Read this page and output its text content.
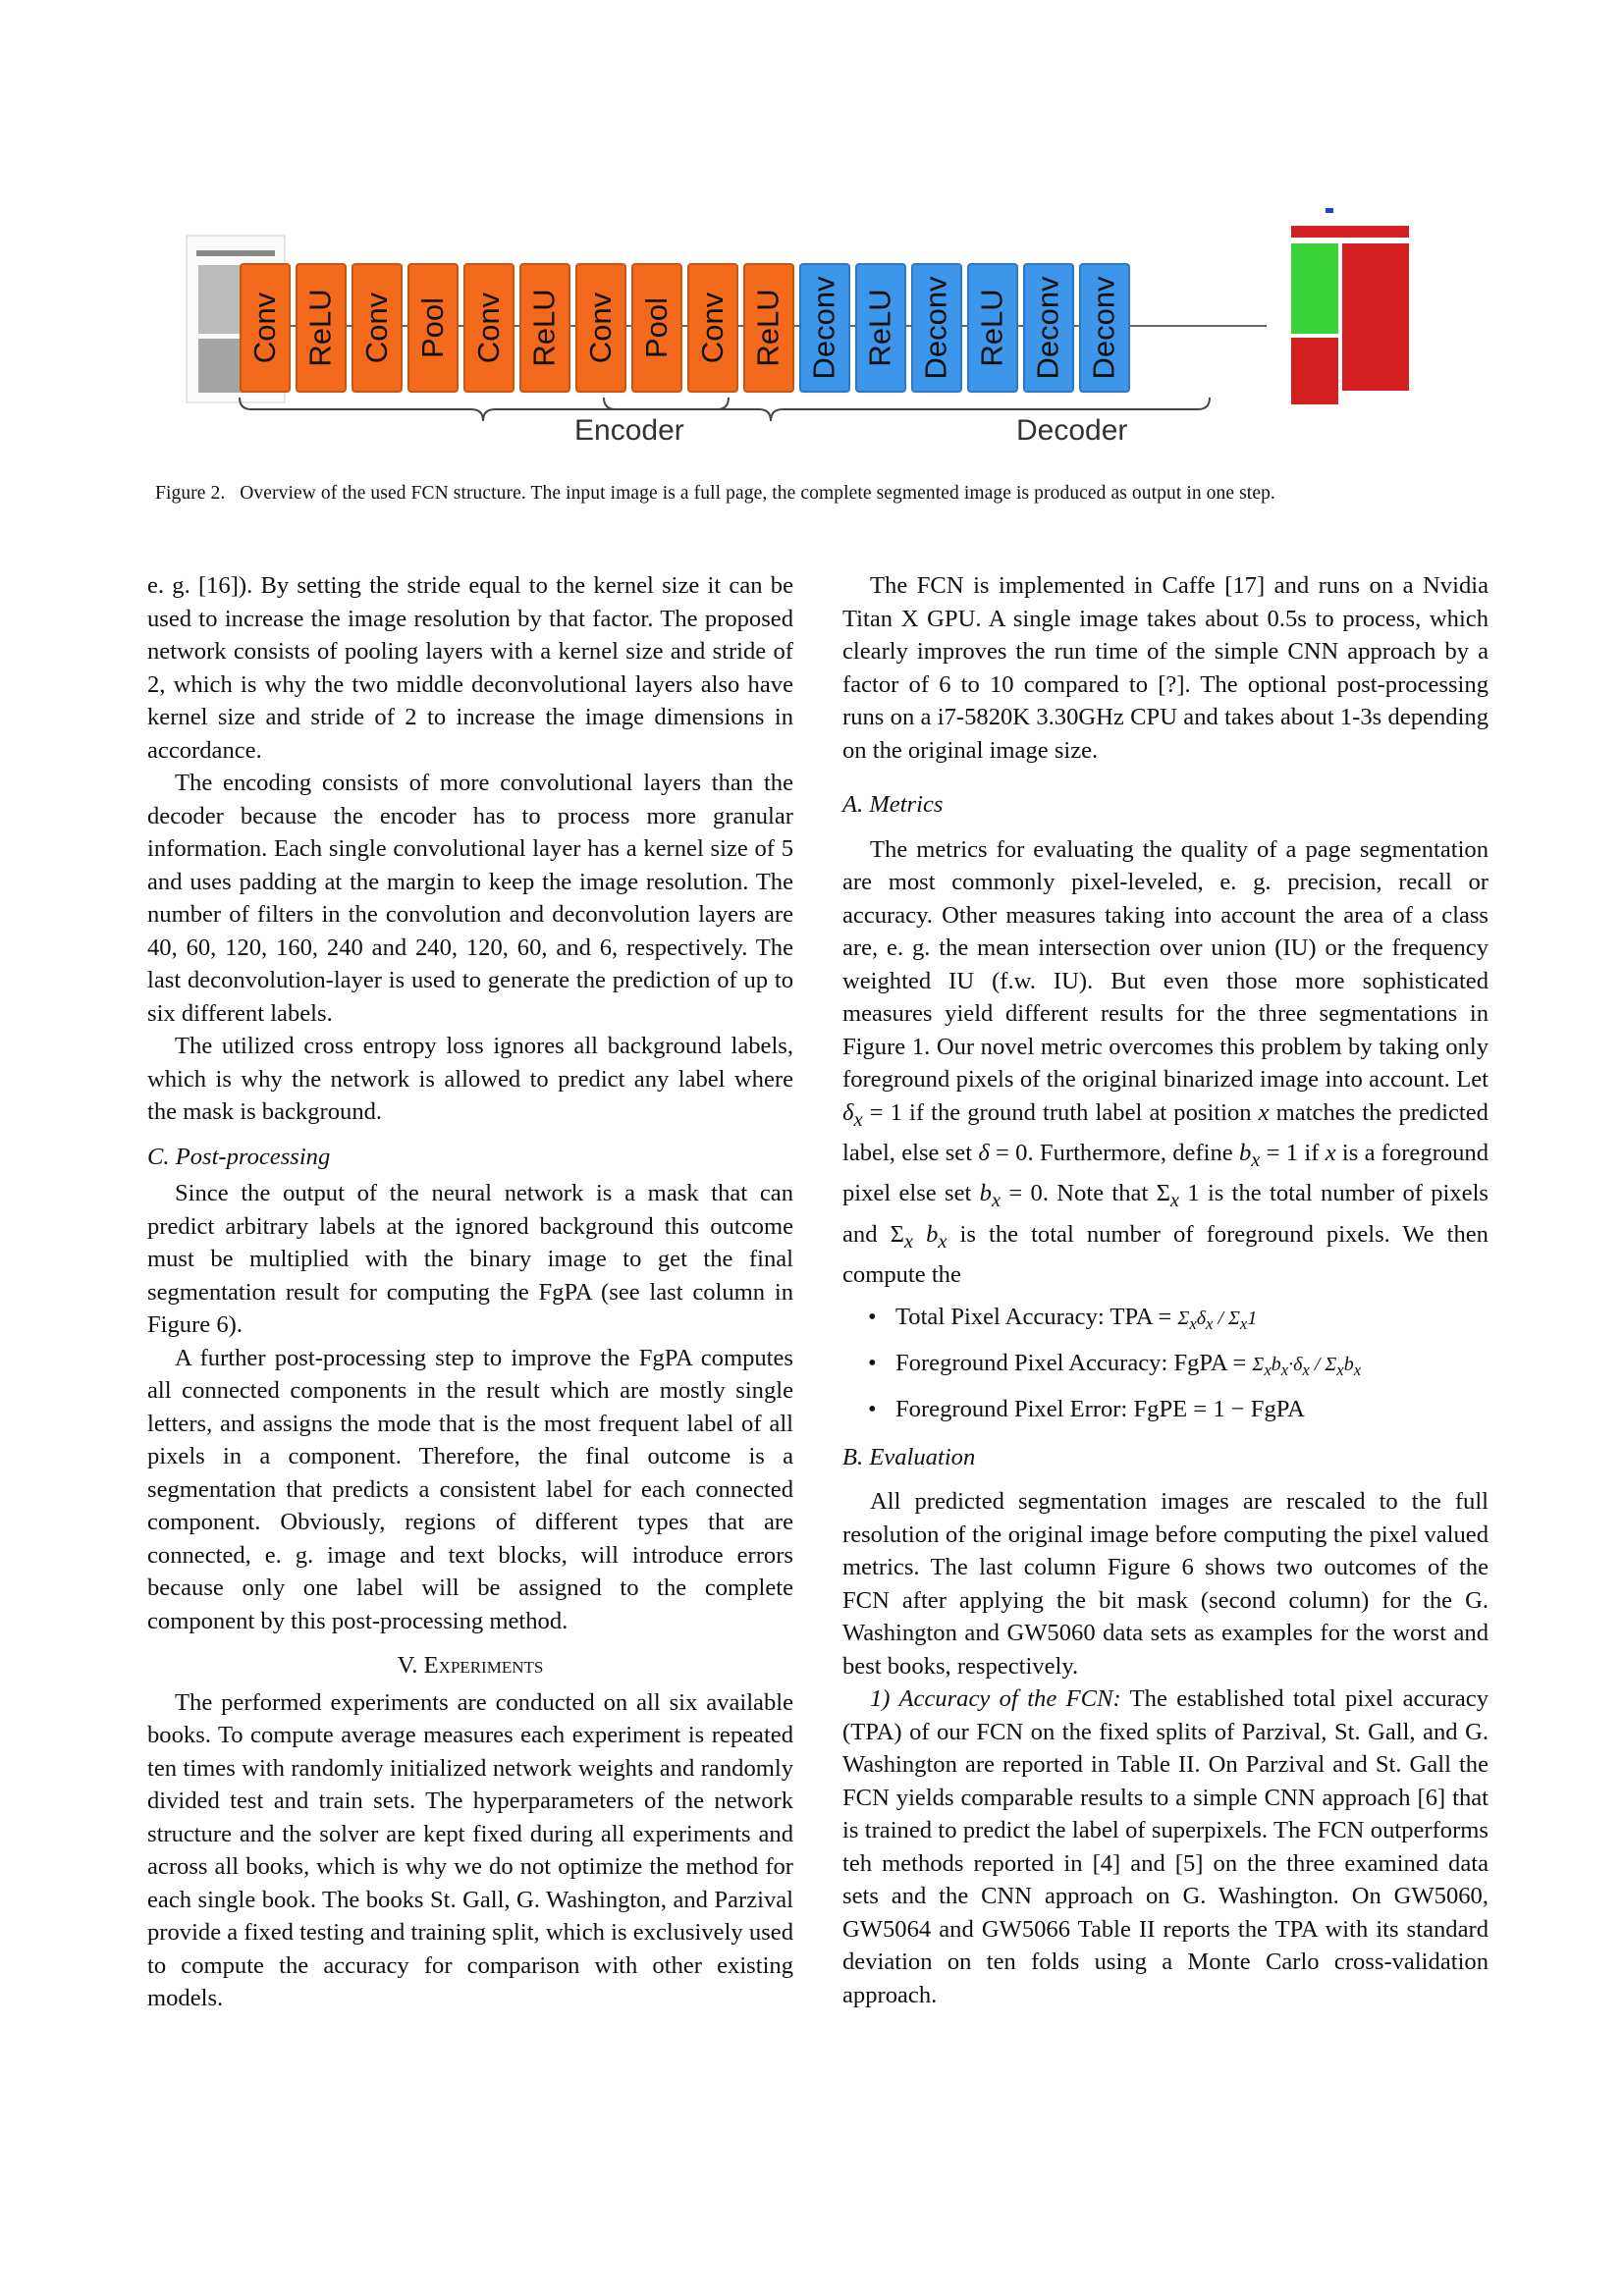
Conv ReLU Conv Pool Conv ReLU Conv Pool Conv ReLU Deconv ReLU Deconv ReLU Deconv Deconv
Encoder	Decoder
Figure 2. Overview of the used FCN structure. The input image is a full page, the complete segmented image is produced as output in one step.

e. g. [16]). By setting the stride equal to the kernel size it can be used to increase the image resolution by that factor. The proposed network consists of pooling layers with a kernel size and stride of 2, which is why the two middle deconvolutional layers also have kernel size and stride of 2 to increase the image dimensions in accordance.

The encoding consists of more convolutional layers than the decoder because the encoder has to process more granular information. Each single convolutional layer has a kernel size of 5 and uses padding at the margin to keep the image resolution. The number of filters in the convolution and deconvolution layers are 40, 60, 120, 160, 240 and 240, 120, 60, and 6, respectively. The last deconvolution-layer is used to generate the prediction of up to six different labels.

The utilized cross entropy loss ignores all background labels, which is why the network is allowed to predict any label where the mask is background.

C. Post-processing

Since the output of the neural network is a mask that can predict arbitrary labels at the ignored background this outcome must be multiplied with the binary image to get the final segmentation result for computing the FgPA (see last column in Figure 6).

A further post-processing step to improve the FgPA computes all connected components in the result which are mostly single letters, and assigns the mode that is the most frequent label of all pixels in a component. Therefore, the final outcome is a segmentation that predicts a consistent label for each connected component. Obviously, regions of different types that are connected, e. g. image and text blocks, will introduce errors because only one label will be assigned to the complete component by this post-processing method.

V. Experiments

The performed experiments are conducted on all six available books. To compute average measures each experiment is repeated ten times with randomly initialized network weights and randomly divided test and train sets. The hyperparameters of the network structure and the solver are kept fixed during all experiments and across all books, which is why we do not optimize the method for each single book. The books St. Gall, G. Washington, and Parzival provide a fixed testing and training split, which is exclusively used to compute the accuracy for comparison with other existing models.

The FCN is implemented in Caffe [17] and runs on a Nvidia Titan X GPU. A single image takes about 0.5s to process, which clearly improves the run time of the simple CNN approach by a factor of 6 to 10 compared to [?]. The optional post-processing runs on a i7-5820K 3.30GHz CPU and takes about 1-3s depending on the original image size.

A. Metrics

The metrics for evaluating the quality of a page segmentation are most commonly pixel-leveled, e. g. precision, recall or accuracy. Other measures taking into account the area of a class are, e. g. the mean intersection over union (IU) or the frequency weighted IU (f.w. IU). But even those more sophisticated measures yield different results for the three segmentations in Figure 1. Our novel metric overcomes this problem by taking only foreground pixels of the original binarized image into account. Let $\delta_x = 1$ if the ground truth label at position x matches the predicted label, else set δ = 0. Furthermore, define $b_x = 1$ if x is a foreground pixel else set $b_x = 0$. Note that $\Sigma_x$ 1 is the total number of pixels and $\Sigma_x$ $b_x$ is the total number of foreground pixels. We then compute the

• Total Pixel Accuracy: TPA = $\Sigma_x\delta_x / \Sigma_x1$
• Foreground Pixel Accuracy: FgPA = $\Sigma_xb_x\cdot\delta_x / \Sigma_xb_x$
• Foreground Pixel Error: FgPE = 1 − FgPA
B. Evaluation

All predicted segmentation images are rescaled to the full resolution of the original image before computing the pixel valued metrics. The last column Figure 6 shows two outcomes of the FCN after applying the bit mask (second column) for the G. Washington and GW5060 data sets as examples for the worst and best books, respectively.

1) Accuracy of the FCN: The established total pixel accuracy (TPA) of our FCN on the fixed splits of Parzival, St. Gall, and G. Washington are reported in Table II. On Parzival and St. Gall the FCN yields comparable results to a simple CNN approach [6] that is trained to predict the label of superpixels. The FCN outperforms teh methods reported in [4] and [5] on the three examined data sets and the CNN approach on G. Washington. On GW5060, GW5064 and GW5066 Table II reports the TPA with its standard deviation on ten folds using a Monte Carlo cross-validation approach.
